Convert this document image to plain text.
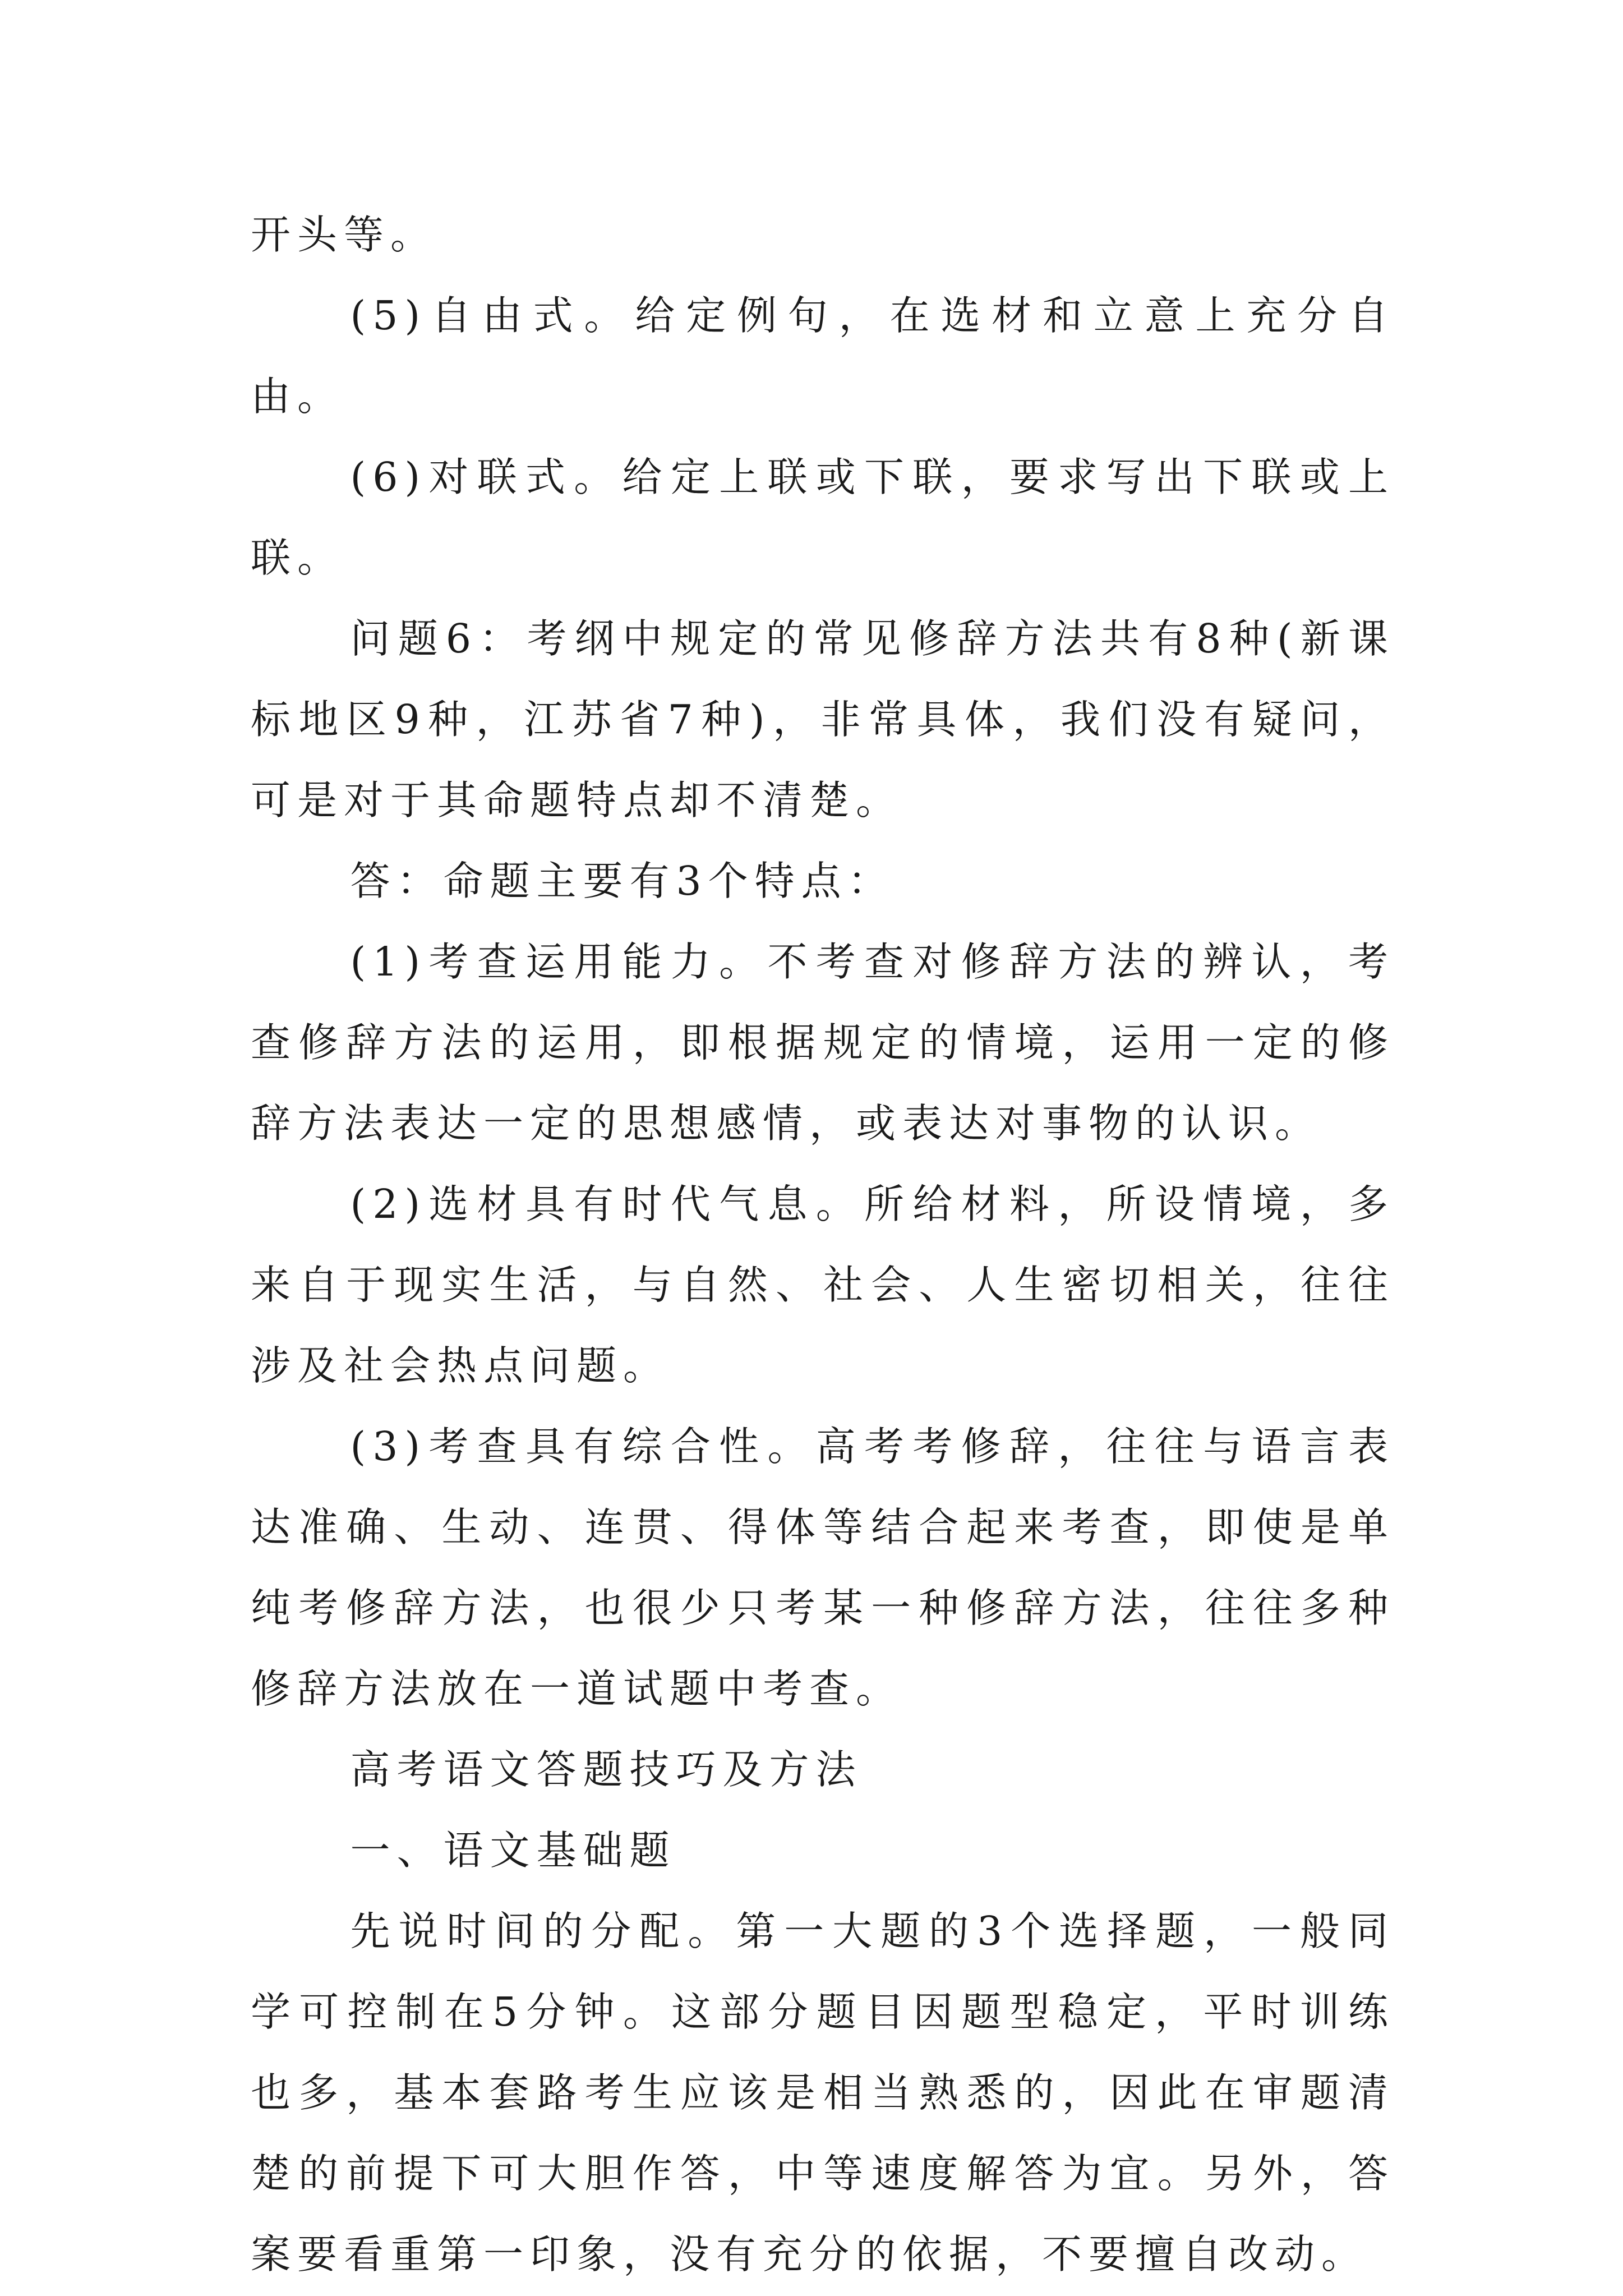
开头等。

(5)自由式。给定例句，在选材和立意上充分自由。

(6)对联式。给定上联或下联，要求写出下联或上联。

问题6：考纲中规定的常见修辞方法共有8种(新课标地区9种，江苏省7种)，非常具体，我们没有疑问，可是对于其命题特点却不清楚。

答：命题主要有3个特点：

(1)考查运用能力。不考查对修辞方法的辨认，考查修辞方法的运用，即根据规定的情境，运用一定的修辞方法表达一定的思想感情，或表达对事物的认识。

(2)选材具有时代气息。所给材料，所设情境，多来自于现实生活，与自然、社会、人生密切相关，往往涉及社会热点问题。

(3)考查具有综合性。高考考修辞，往往与语言表达准确、生动、连贯、得体等结合起来考查，即使是单纯考修辞方法，也很少只考某一种修辞方法，往往多种修辞方法放在一道试题中考查。

高考语文答题技巧及方法

一、语文基础题

先说时间的分配。第一大题的3个选择题，一般同学可控制在5分钟。这部分题目因题型稳定，平时训练也多，基本套路考生应该是相当熟悉的，因此在审题清楚的前提下可大胆作答，中等速度解答为宜。另外，答案要看重第一印象，没有充分的依据，不要擅自改动。
